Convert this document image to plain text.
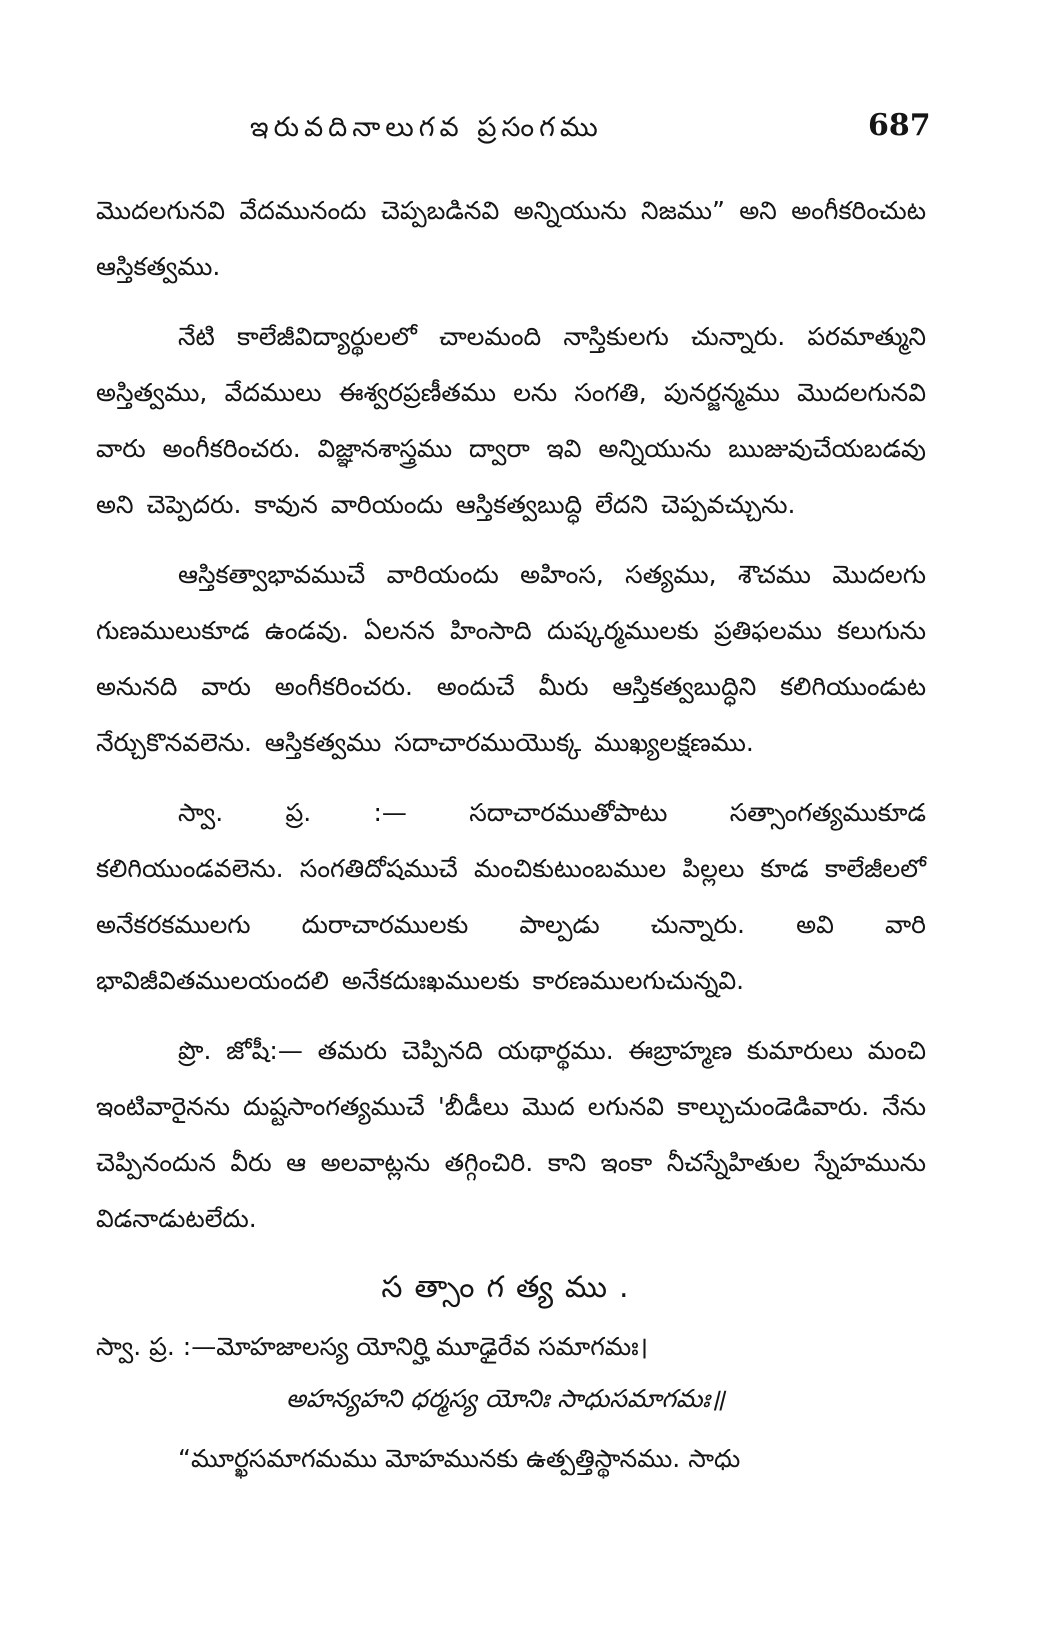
ఇరువదినాలుగవ ప్రసంగము	687

మొదలగునవి వేదమునందు చెప్పబడినవి అన్నియును నిజము” అని అంగీకరించుట ఆస్తికత్వము.

నేటి కాలేజీవిద్యార్థులలో చాలమంది నాస్తికులగు చున్నారు. పరమాత్ముని అస్తిత్వము, వేదములు ఈశ్వరప్రణీతము లను సంగతి, పునర్జన్మము మొదలగునవి వారు అంగీకరించరు. విజ్ఞానశాస్త్రము ద్వారా ఇవి అన్నియును ఋజువుచేయబడవు అని చెప్పెదరు. కావున వారియందు ఆస్తికత్వబుద్ధి లేదని చెప్పవచ్చును.

ఆస్తికత్వాభావముచే వారియందు అహింస, సత్యము, శౌచము మొదలగు గుణములుకూడ ఉండవు. ఏలనన హింసాది దుష్కర్మములకు ప్రతిఫలము కలుగును అనునది వారు అంగీకరించరు. అందుచే మీరు ఆస్తికత్వబుద్ధిని కలిగియుండుట నేర్చుకొనవలెను. ఆస్తికత్వము సదాచారముయొక్క ముఖ్యలక్షణము.

స్వా. ప్ర. :— సదాచారముతోపాటు సత్సాంగత్యముకూడ కలిగియుండవలెను. సంగతిదోషముచే మంచికుటుంబముల పిల్లలు కూడ కాలేజీలలో అనేకరకములగు దురాచారములకు పాల్పడు చున్నారు. అవి వారి భావిజీవితములయందలి అనేకదుఃఖములకు కారణములగుచున్నవి.

ప్రొ. జోషీ:— తమరు చెప్పినది యథార్థము. ఈబ్రాహ్మణ కుమారులు మంచి ఇంటివారైనను దుష్టసాంగత్యముచే 'బీడీలు మొద లగునవి కాల్చుచుండెడివారు. నేను చెప్పినందున వీరు ఆ అలవాట్లను తగ్గించిరి. కాని ఇంకా నీచస్నేహితుల స్నేహమును విడనాడుటలేదు.

సత్సాంగత్యము.

స్వా. ప్ర. :—మోహజాలస్య యోనిర్హి మూఢైరేవ సమాగమః।

అహన్యహని ధర్మస్య యోనిః సాధుసమాగమః॥

“మూర్ఖసమాగమము మోహమునకు ఉత్పత్తిస్థానము. సాధు
